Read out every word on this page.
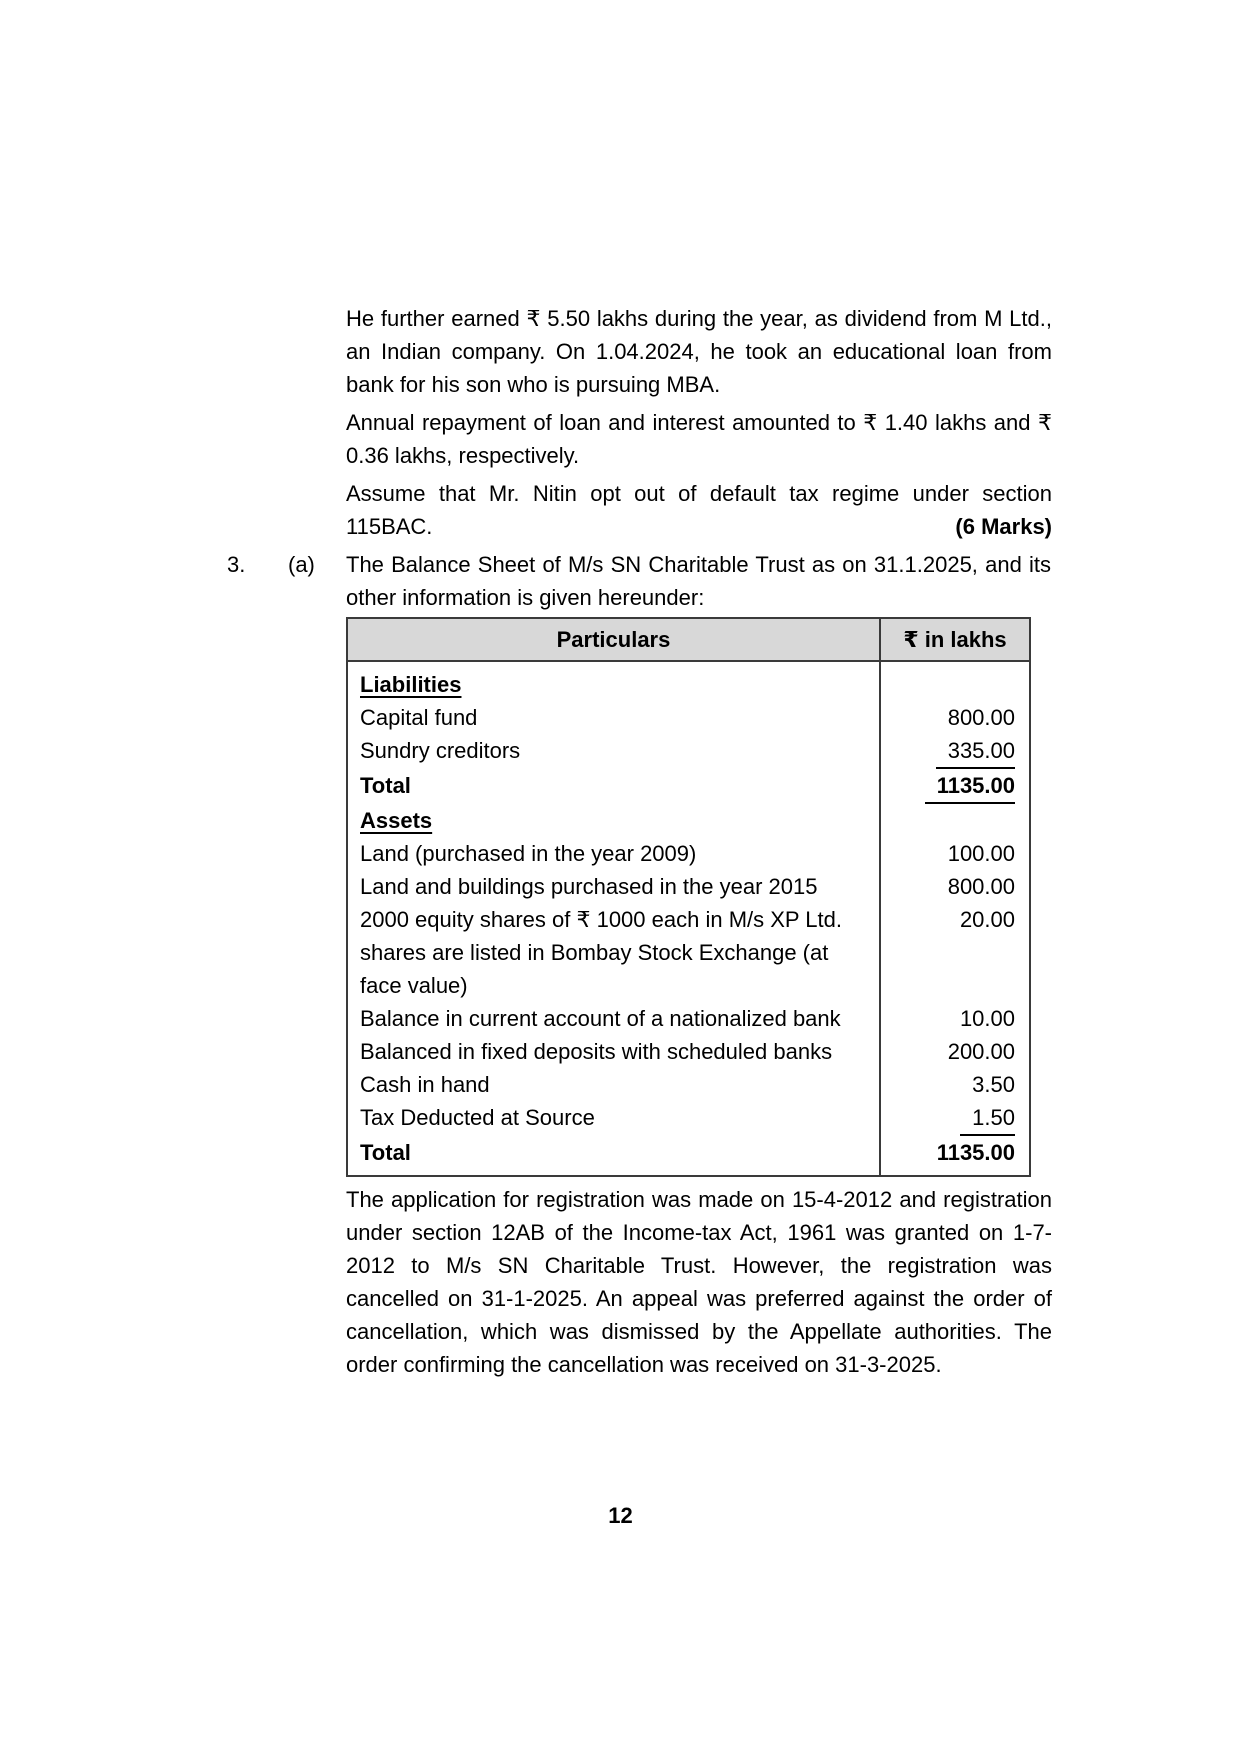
He further earned ₹ 5.50 lakhs during the year, as dividend from M Ltd., an Indian company. On 1.04.2024, he took an educational loan from bank for his son who is pursuing MBA.

Annual repayment of loan and interest amounted to ₹ 1.40 lakhs and ₹ 0.36 lakhs, respectively.

Assume that Mr. Nitin opt out of default tax regime under section 115BAC.	(6 Marks)

3.	(a)	The Balance Sheet of M/s SN Charitable Trust as on 31.1.2025, and its other information is given hereunder:
Particulars	₹ in lakhs
Liabilities	
Capital fund	800.00
Sundry creditors	335.00
Total	1135.00
Assets	
Land (purchased in the year 2009)	100.00
Land and buildings purchased in the year 2015	800.00
2000 equity shares of ₹ 1000 each in M/s XP Ltd. shares are listed in Bombay Stock Exchange (at face value)	20.00
Balance in current account of a nationalized bank	10.00
Balanced in fixed deposits with scheduled banks	200.00
Cash in hand	3.50
Tax Deducted at Source	1.50
Total	1135.00

The application for registration was made on 15-4-2012 and registration under section 12AB of the Income-tax Act, 1961 was granted on 1-7-2012 to M/s SN Charitable Trust. However, the registration was cancelled on 31-1-2025. An appeal was preferred against the order of cancellation, which was dismissed by the Appellate authorities. The order confirming the cancellation was received on 31-3-2025.

12
